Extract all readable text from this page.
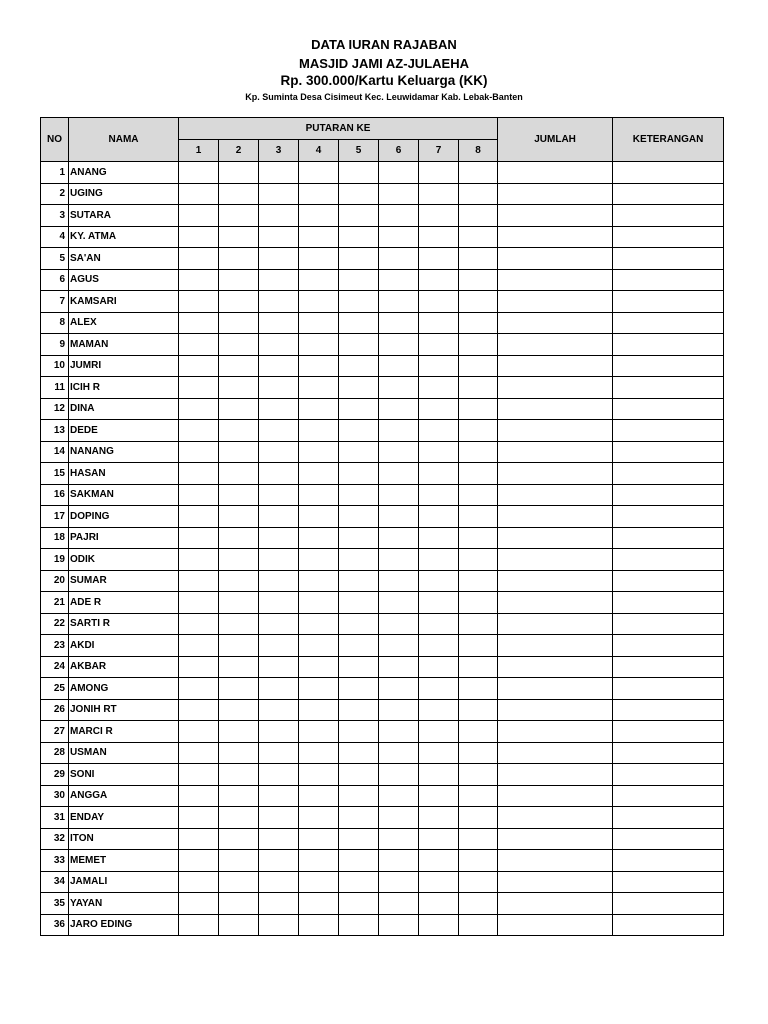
DATA IURAN RAJABAN
MASJID JAMI AZ-JULAEHA
Rp. 300.000/Kartu Keluarga (KK)
Kp. Suminta Desa Cisimeut Kec. Leuwidamar Kab. Lebak-Banten
NO	NAMA	PUTARAN KE								JUMLAH	KETERANGAN
		1	2	3	4	5	6	7	8		
1	ANANG										
2	UGING										
3	SUTARA										
4	KY. ATMA										
5	SA'AN										
6	AGUS										
7	KAMSARI										
8	ALEX										
9	MAMAN										
10	JUMRI										
11	ICIH R										
12	DINA										
13	DEDE										
14	NANANG										
15	HASAN										
16	SAKMAN										
17	DOPING										
18	PAJRI										
19	ODIK										
20	SUMAR										
21	ADE R										
22	SARTI R										
23	AKDI										
24	AKBAR										
25	AMONG										
26	JONIH RT										
27	MARCI R										
28	USMAN										
29	SONI										
30	ANGGA										
31	ENDAY										
32	ITON										
33	MEMET										
34	JAMALI										
35	YAYAN										
36	JARO EDING										
